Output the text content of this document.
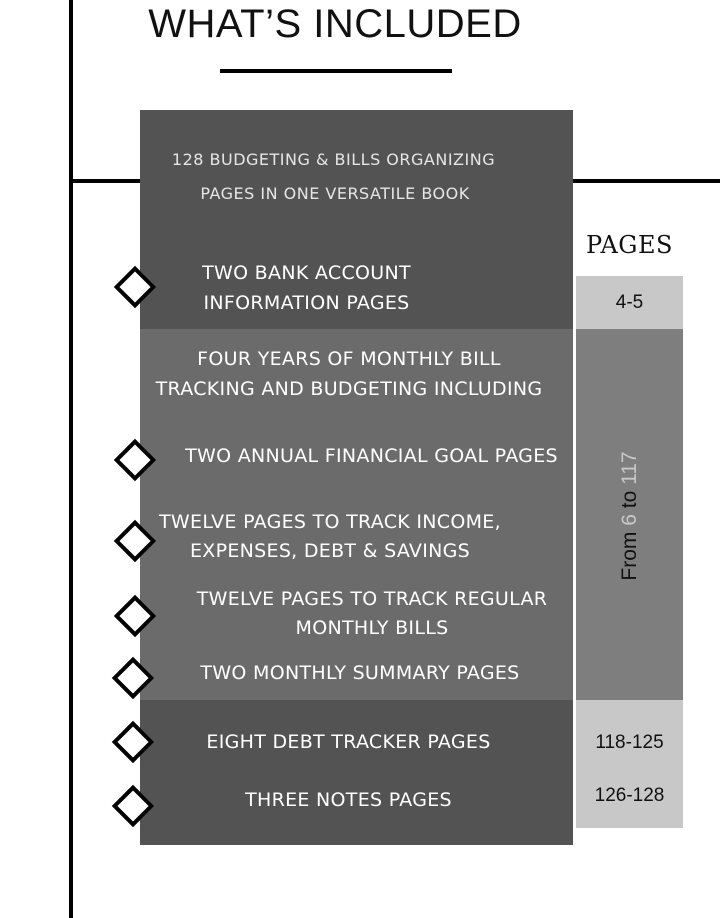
WHAT’S INCLUDED
PAGES
4-5
118-125
126-128
From 6 to 117
128 BUDGETING & BILLS ORGANIZING
PAGES IN ONE VERSATILE BOOK
TWO BANK ACCOUNT
INFORMATION PAGES
FOUR YEARS OF MONTHLY BILL
TRACKING AND BUDGETING INCLUDING
TWO ANNUAL FINANCIAL GOAL PAGES
TWELVE PAGES TO TRACK INCOME,
EXPENSES, DEBT & SAVINGS
TWELVE PAGES TO TRACK REGULAR
MONTHLY BILLS
TWO MONTHLY SUMMARY PAGES
EIGHT DEBT TRACKER PAGES
THREE NOTES PAGES
